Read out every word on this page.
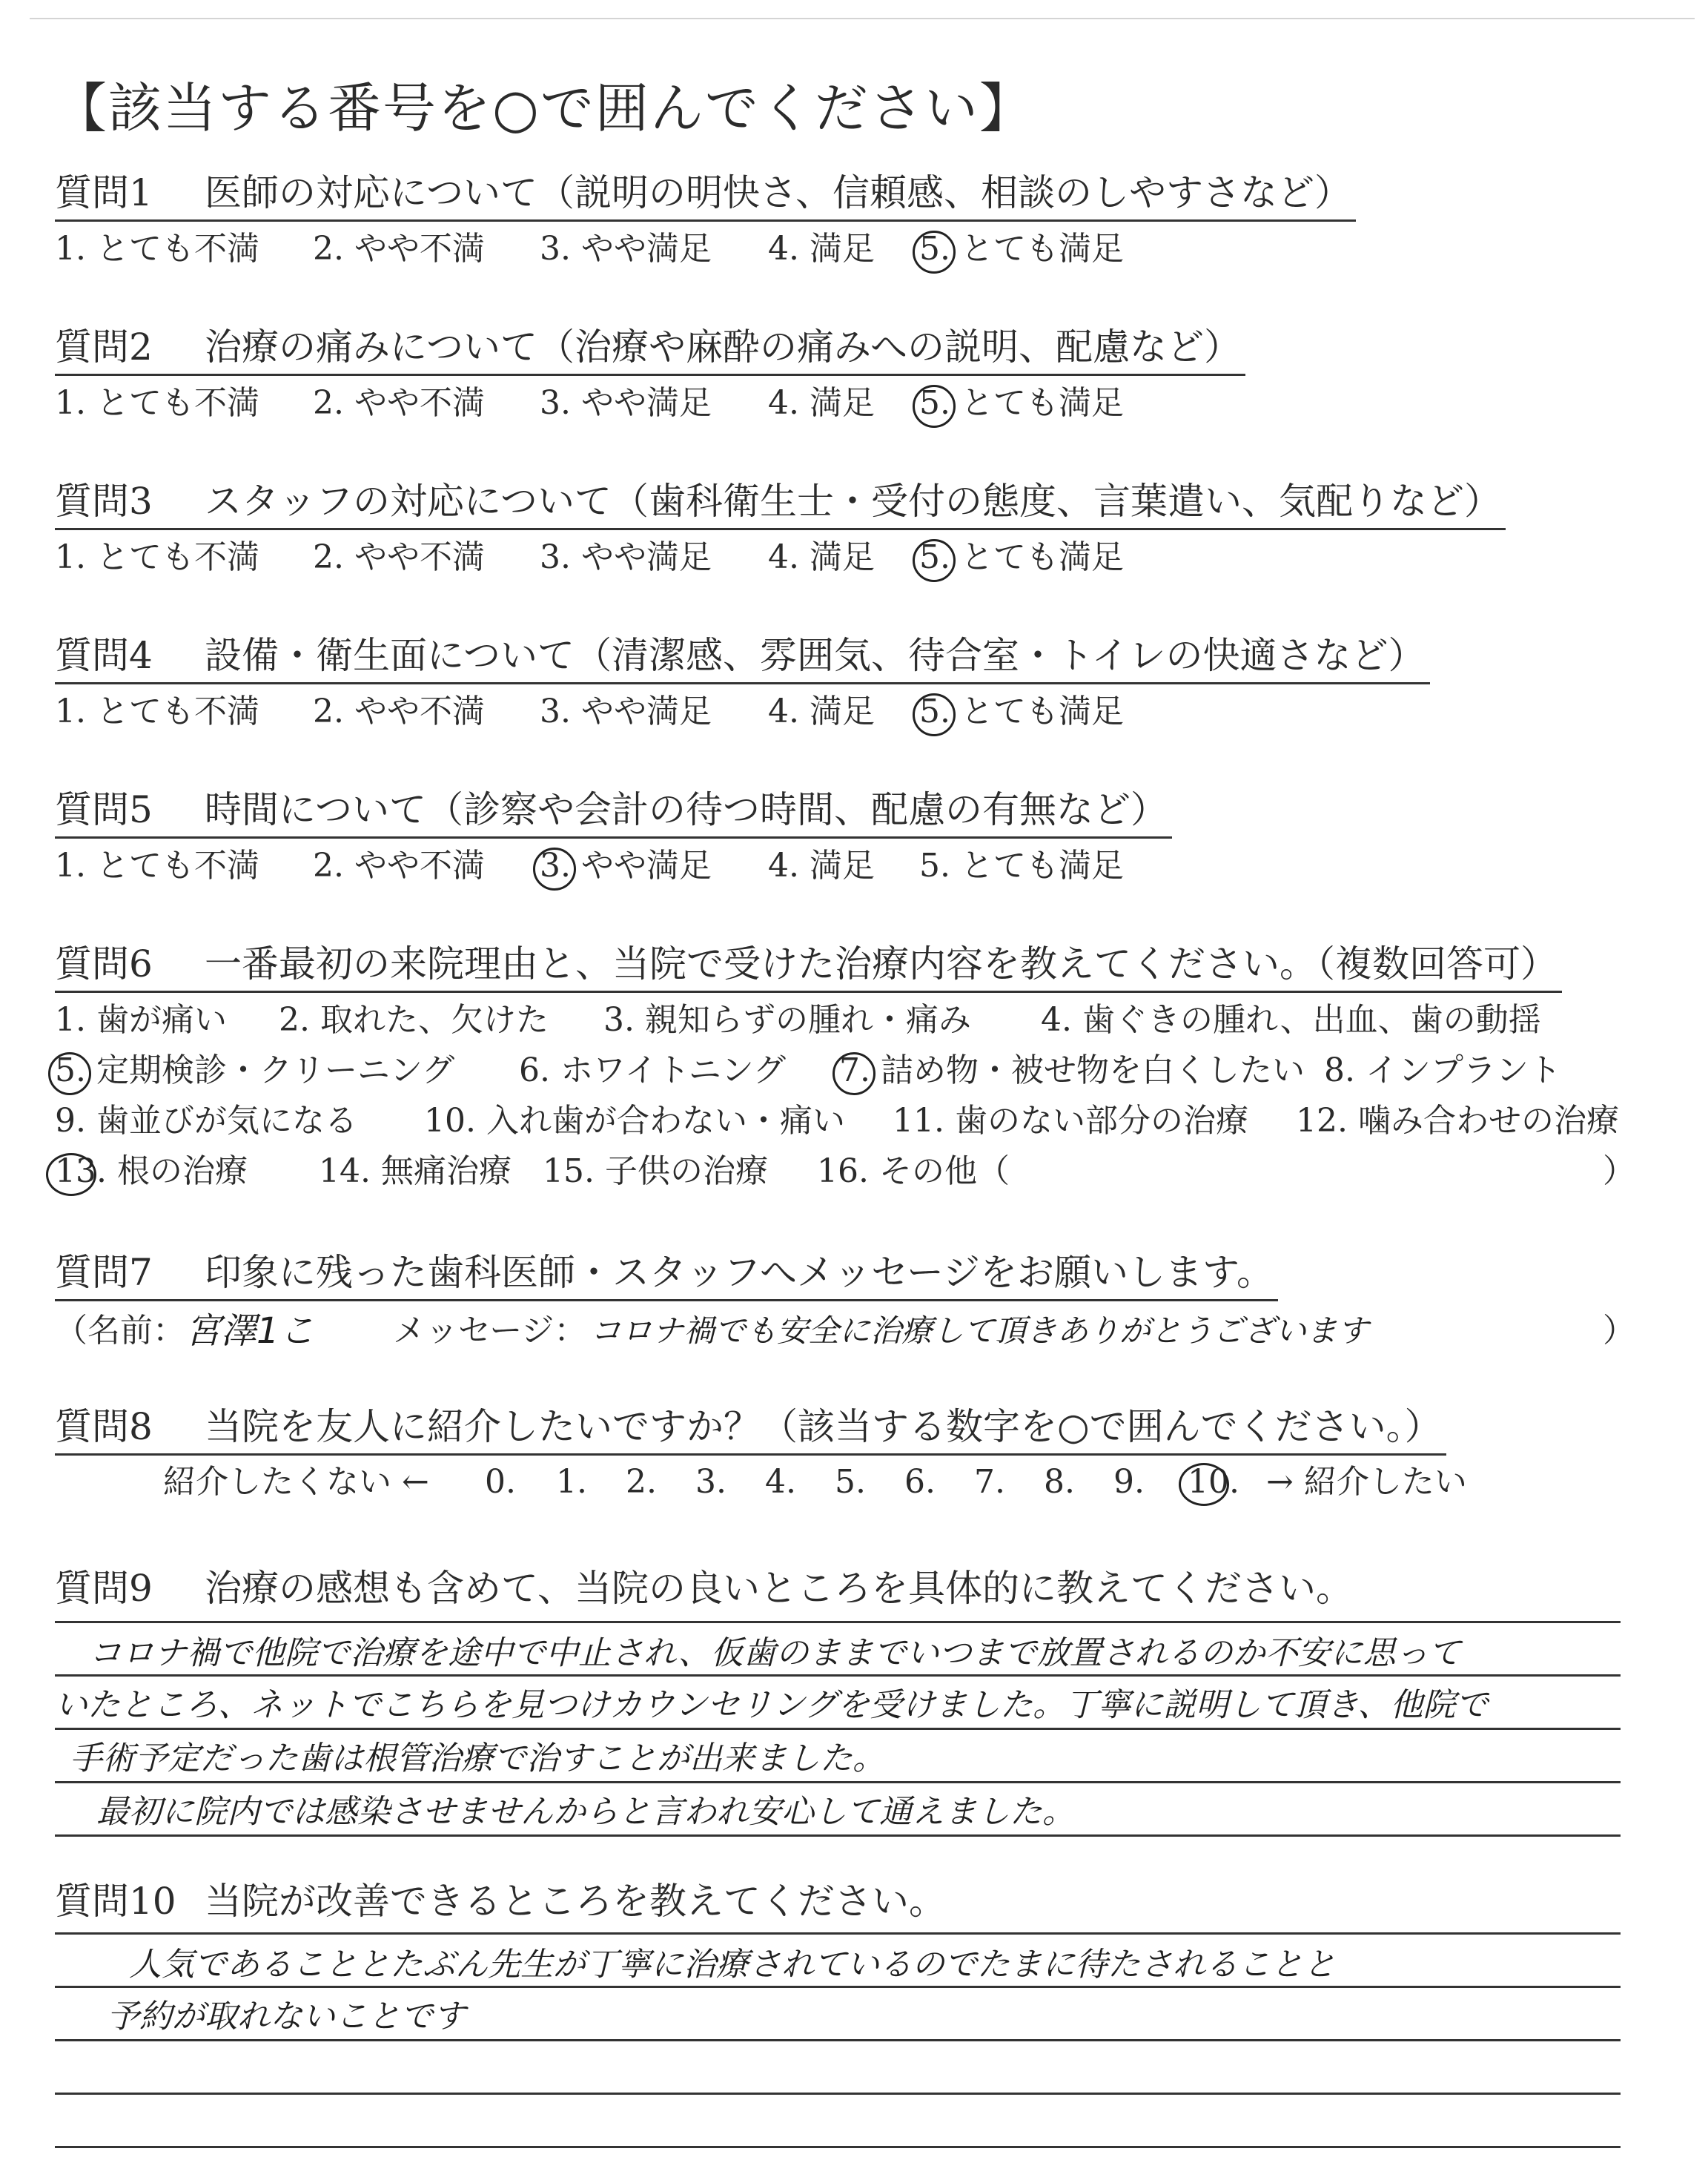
【該当する番号を○で囲んでください】
質問1 医師の対応について（説明の明快さ、信頼感、相談のしやすさなど）
1. とても不満 2. やや不満 3. やや満足 4. 満足 5. とても満足
質問2 治療の痛みについて（治療や麻酔の痛みへの説明、配慮など）
1. とても不満 2. やや不満 3. やや満足 4. 満足 5. とても満足
質問3 スタッフの対応について（歯科衛生士・受付の態度、言葉遣い、気配りなど）
1. とても不満 2. やや不満 3. やや満足 4. 満足 5. とても満足
質問4 設備・衛生面について（清潔感、雰囲気、待合室・トイレの快適さなど）
1. とても不満 2. やや不満 3. やや満足 4. 満足 5. とても満足
質問5 時間について（診察や会計の待つ時間、配慮の有無など）
1. とても不満 2. やや不満 3. やや満足 4. 満足 5. とても満足
質問6 一番最初の来院理由と、当院で受けた治療内容を教えてください。（複数回答可）
1. 歯が痛い 2. 取れた、欠けた 3. 親知らずの腫れ・痛み 4. 歯ぐきの腫れ、出血、歯の動揺
5. 定期検診・クリーニング 6. ホワイトニング 7. 詰め物・被せ物を白くしたい 8. インプラント
9. 歯並びが気になる 10. 入れ歯が合わない・痛い 11. 歯のない部分の治療 12. 噛み合わせの治療
13. 根の治療 14. 無痛治療 15. 子供の治療 16. その他（	）
質問7 印象に残った歯科医師・スタッフへメッセージをお願いします。
（名前： 宮澤1こ メッセージ： コロナ禍でも安全に治療して頂きありがとうございます	）
質問8 当院を友人に紹介したいですか？（該当する数字を○で囲んでください。）
紹介したくない ← 0. 1. 2. 3. 4. 5. 6. 7. 8. 9. 10. → 紹介したい
質問9 治療の感想も含めて、当院の良いところを具体的に教えてください。
コロナ禍で他院で治療を途中で中止され、仮歯のままでいつまで放置されるのか不安に思って
いたところ、ネットでこちらを見つけカウンセリングを受けました。丁寧に説明して頂き、他院で
手術予定だった歯は根管治療で治すことが出来ました。
最初に院内では感染させませんからと言われ安心して通えました。
質問10 当院が改善できるところを教えてください。
人気であることとたぶん先生が丁寧に治療されているのでたまに待たされることと
予約が取れないことです
